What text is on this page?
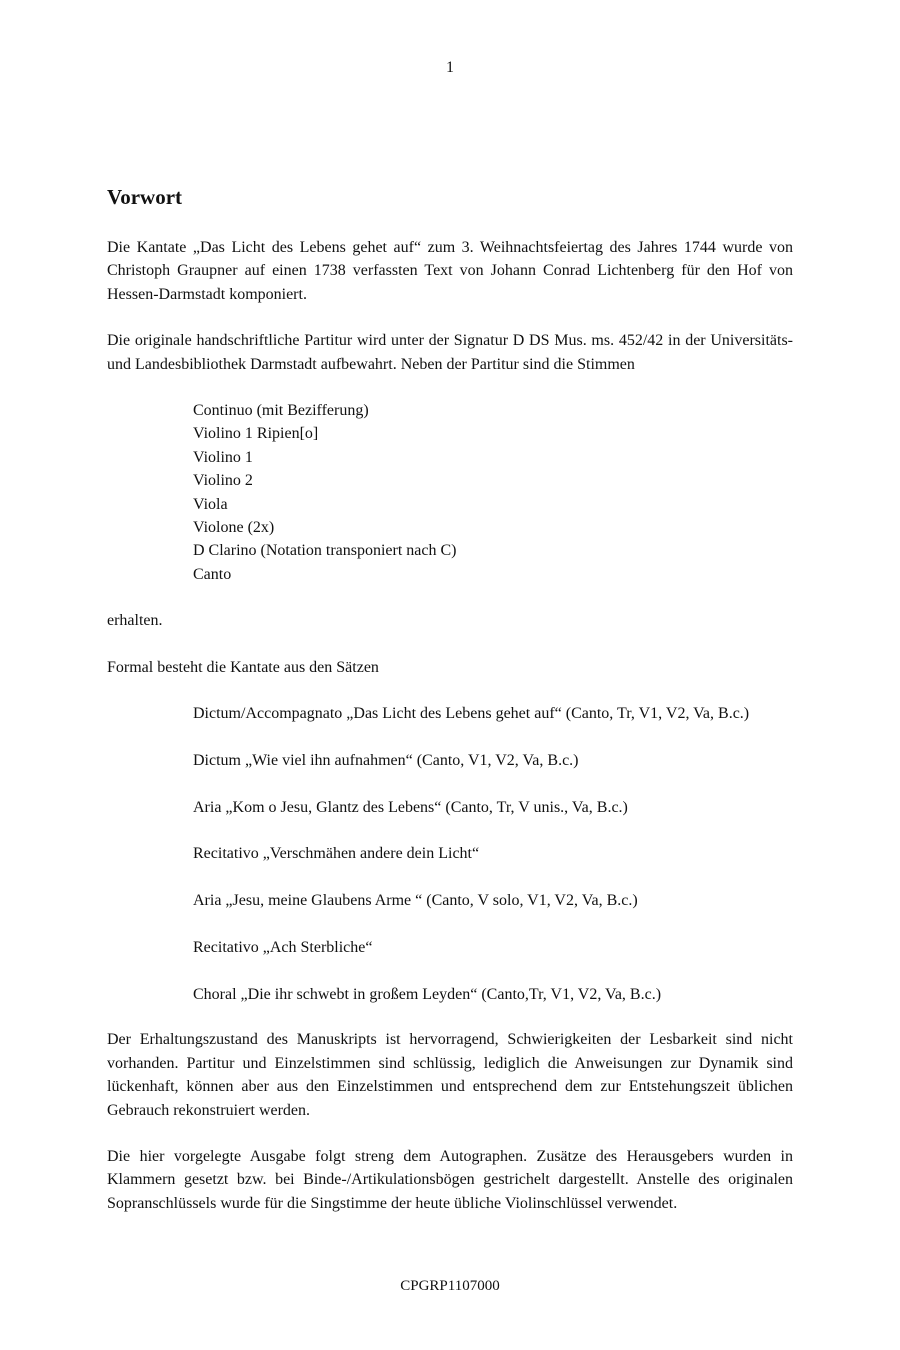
1
Vorwort

Die Kantate „Das Licht des Lebens gehet auf“ zum 3. Weihnachtsfeiertag des Jahres 1744 wurde von Christoph Graupner auf einen 1738 verfassten Text von Johann Conrad Lichtenberg für den Hof von Hessen-Darmstadt komponiert.

Die originale handschriftliche Partitur wird unter der Signatur D DS Mus. ms. 452/42 in der Universitäts- und Landesbibliothek Darmstadt aufbewahrt. Neben der Partitur sind die Stimmen

Continuo (mit Bezifferung)
Violino 1 Ripien[o]
Violino 1
Violino 2
Viola
Violone (2x)
D Clarino (Notation transponiert nach C)
Canto

erhalten.

Formal besteht die Kantate aus den Sätzen

Dictum/Accompagnato „Das Licht des Lebens gehet auf“ (Canto, Tr, V1, V2, Va, B.c.)
Dictum „Wie viel ihn aufnahmen“ (Canto, V1, V2, Va, B.c.)
Aria „Kom o Jesu, Glantz des Lebens“ (Canto, Tr, V unis., Va, B.c.)
Recitativo „Verschmähen andere dein Licht“
Aria „Jesu, meine Glaubens Arme “ (Canto, V solo, V1, V2, Va, B.c.)
Recitativo „Ach Sterbliche“
Choral „Die ihr schwebt in großem Leyden“ (Canto,Tr, V1, V2, Va, B.c.)

Der Erhaltungszustand des Manuskripts ist hervorragend, Schwierigkeiten der Lesbarkeit sind nicht vorhanden. Partitur und Einzelstimmen sind schlüssig, lediglich die Anweisungen zur Dynamik sind lückenhaft, können aber aus den Einzelstimmen und entsprechend dem zur Entstehungszeit üblichen Gebrauch rekonstruiert werden.

Die hier vorgelegte Ausgabe folgt streng dem Autographen. Zusätze des Herausgebers wurden in Klammern gesetzt bzw. bei Binde-/Artikulationsbögen gestrichelt dargestellt. Anstelle des originalen Sopranschlüssels wurde für die Singstimme der heute übliche Violinschlüssel verwendet.

CPGRP1107000
